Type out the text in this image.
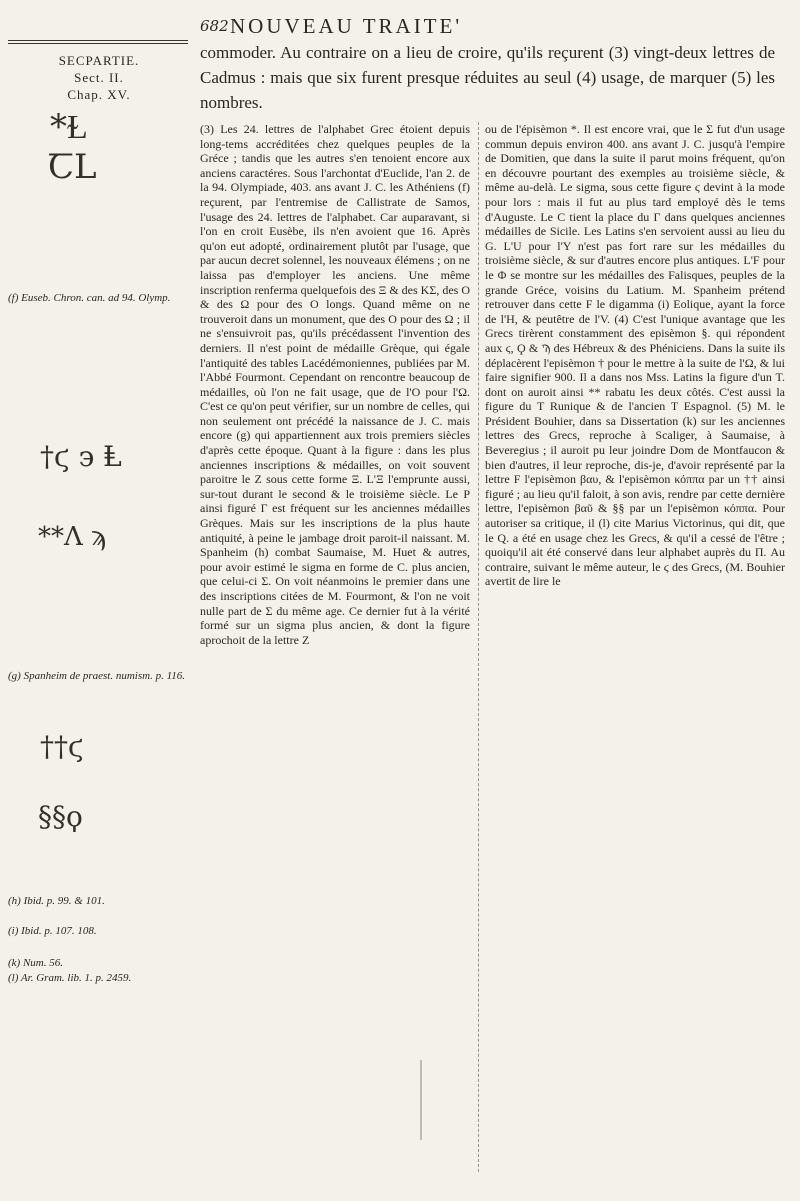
682 NOUVEAU TRAITE'
SECPARTIE.
Sect. II.
Chap. XV.
commoder. Au contraire on a lieu de croire, qu'ils reçurent (3) vingt-deux lettres de Cadmus : mais que six furent presque réduites au seul (4) usage, de marquer (5) les nombres.
*Ɫ
ꞆL
†ϛ ϶ Ⱡ
**Ʌ ϡ
††ϛ
§§ϙ
(f) Euseb. Chron. can. ad 94. Olymp.
(g) Spanheim de praest. numism. p. 116.
(h) Ibid. p. 99. & 101.
(i) Ibid. p. 107. 108.
(k) Num. 56.
(l) Ar. Gram. lib. 1. p. 2459.

(3) Les 24. lettres de l'alphabet Grec étoient depuis long-tems accréditées chez quelques peuples de la Gréce ; tandis que les autres s'en tenoient encore aux anciens caractéres. Sous l'archontat d'Euclide, l'an 2. de la 94. Olympiade, 403. ans avant J. C. les Athéniens (f) reçurent, par l'entremise de Callistrate de Samos, l'usage des 24. lettres de l'alphabet. Car auparavant, si l'on en croit Eusèbe, ils n'en avoient que 16. Après qu'on eut adopté, ordinairement plutôt par l'usage, que par aucun decret solennel, les nouveaux élémens ; on ne laissa pas d'employer les anciens. Une même inscription renferma quelquefois des Ξ & des ΚΣ, des O & des Ω pour des O longs. Quand même on ne trouveroit dans un monument, que des O pour des Ω ; il ne s'ensuivroit pas, qu'ils précédassent l'invention des derniers. Il n'est point de médaille Grèque, qui égale l'antiquité des tables Lacédémoniennes, publiées par M. l'Abbé Fourmont. Cependant on rencontre beaucoup de médailles, où l'on ne fait usage, que de l'O pour l'Ω. C'est ce qu'on peut vérifier, sur un nombre de celles, qui non seulement ont précédé la naissance de J. C. mais encore (g) qui appartiennent aux trois premiers siècles d'après cette époque. Quant à la figure : dans les plus anciennes inscriptions & médailles, on voit souvent paroitre le Z sous cette forme Ξ. L'Ξ l'emprunte aussi, sur-tout durant le second & le troisième siècle. Le P ainsi figuré Γ est fréquent sur les anciennes médailles Grèques. Mais sur les inscriptions de la plus haute antiquité, à peine le jambage droit paroit-il naissant. M. Spanheim (h) combat Saumaise, M. Huet & autres, pour avoir estimé le sigma en forme de C. plus ancien, que celui-ci Σ. On voit néanmoins le premier dans une des inscriptions citées de M. Fourmont, & l'on ne voit nulle part de Σ du même age. Ce dernier fut à la vérité formé sur un sigma plus ancien, & dont la figure aprochoit de la lettre Z

ou de l'épisèmon *. Il est encore vrai, que le Σ fut d'un usage commun depuis environ 400. ans avant J. C. jusqu'à l'empire de Domitien, que dans la suite il parut moins fréquent, qu'on en découvre pourtant des exemples au troisième siècle, & même au-delà. Le sigma, sous cette figure ϛ devint à la mode pour lors : mais il fut au plus tard employé dès le tems d'Auguste. Le C tient la place du Γ dans quelques anciennes médailles de Sicile. Les Latins s'en servoient aussi au lieu du G. L'U pour l'Y n'est pas fort rare sur les médailles du troisième siècle, & sur d'autres encore plus antiques. L'F pour le Φ se montre sur les médailles des Falisques, peuples de la grande Gréce, voisins du Latium. M. Spanheim prétend retrouver dans cette F le digamma (i) Eolique, ayant la force de l'H, & peutêtre de l'V. (4) C'est l'unique avantage que les Grecs tirèrent constamment des episèmon §. qui répondent aux ϛ, Ϙ & Ϡ des Hébreux & des Phéniciens. Dans la suite ils déplacèrent l'episèmon † pour le mettre à la suite de l'Ω, & lui faire signifier 900. Il a dans nos Mss. Latins la figure d'un T. dont on auroit ainsi ** rabatu les deux côtés. C'est aussi la figure du T Runique & de l'ancien T Espagnol. (5) M. le Président Bouhier, dans sa Dissertation (k) sur les anciennes lettres des Grecs, reproche à Scaliger, à Saumaise, à Beveregius ; il auroit pu leur joindre Dom de Montfaucon & bien d'autres, il leur reproche, dis-je, d'avoir représenté par la lettre F l'episèmon βαυ, & l'episèmon κόππα par un †† ainsi figuré ; au lieu qu'il faloit, à son avis, rendre par cette dernière lettre, l'episèmon βαῦ & §§ par un l'episèmon κόππα. Pour autoriser sa critique, il (l) cite Marius Victorinus, qui dit, que le Q. a été en usage chez les Grecs, & qu'il a cessé de l'être ; quoiqu'il ait été conservé dans leur alphabet auprès du Π. Au contraire, suivant le même auteur, le ϛ des Grecs, (M. Bouhier avertit de lire le
